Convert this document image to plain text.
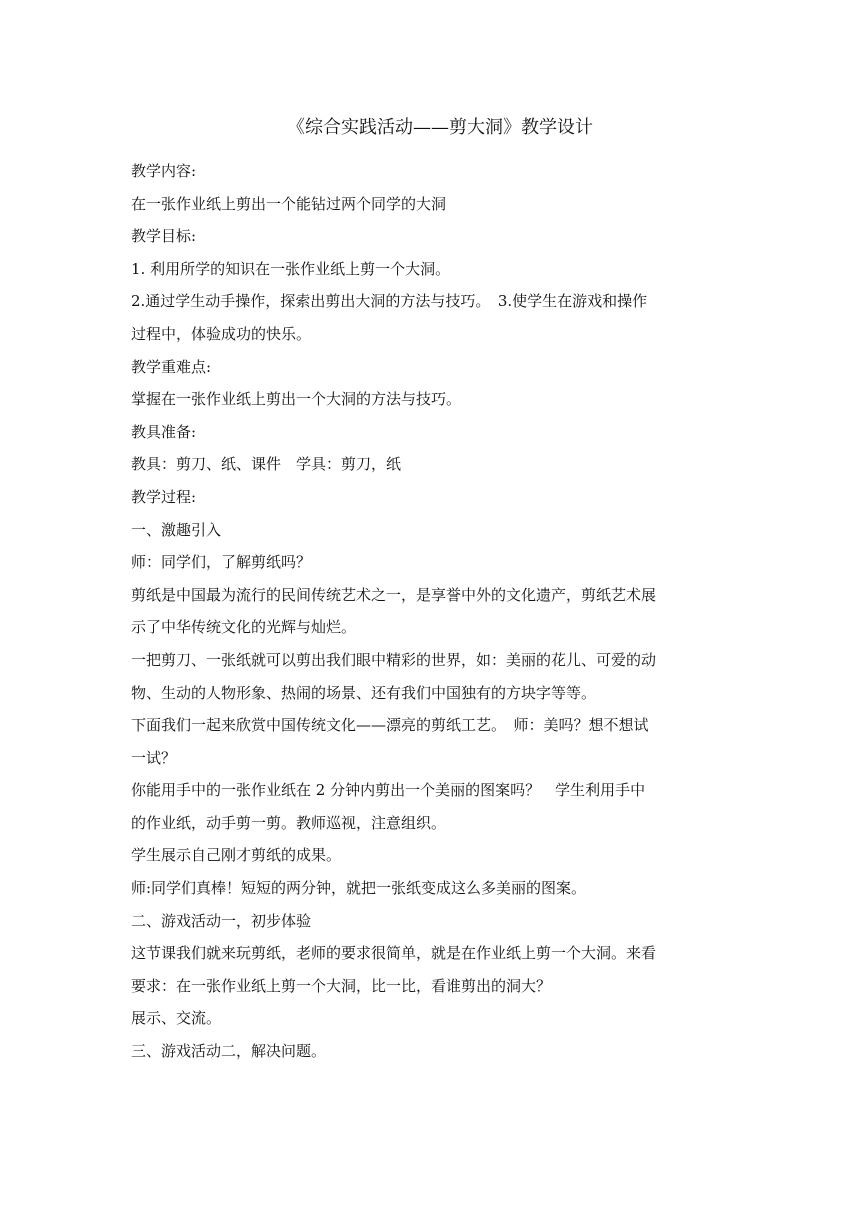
《综合实践活动——剪大洞》教学设计
教学内容:
在一张作业纸上剪出一个能钻过两个同学的大洞
教学目标:
1. 利用所学的知识在一张作业纸上剪一个大洞。
2.通过学生动手操作，探索出剪出大洞的方法与技巧。　3.使学生在游戏和操作
过程中，体验成功的快乐。
教学重难点:
掌握在一张作业纸上剪出一个大洞的方法与技巧。
教具准备:
教具：剪刀、纸、课件　学具：剪刀，纸
教学过程:
一、激趣引入
师：同学们，了解剪纸吗？
剪纸是中国最为流行的民间传统艺术之一，是享誉中外的文化遗产，剪纸艺术展
示了中华传统文化的光辉与灿烂。
一把剪刀、一张纸就可以剪出我们眼中精彩的世界，如：美丽的花儿、可爱的动
物、生动的人物形象、热闹的场景、还有我们中国独有的方块字等等。
下面我们一起来欣赏中国传统文化——漂亮的剪纸工艺。　师：美吗？想不想试
一试？
你能用手中的一张作业纸在 2 分钟内剪出一个美丽的图案吗？　学生利用手中
的作业纸，动手剪一剪。教师巡视，注意组织。
学生展示自己刚才剪纸的成果。
师:同学们真棒！短短的两分钟，就把一张纸变成这么多美丽的图案。
二、游戏活动一，初步体验
这节课我们就来玩剪纸，老师的要求很简单，就是在作业纸上剪一个大洞。来看
要求：在一张作业纸上剪一个大洞，比一比，看谁剪出的洞大？
展示、交流。
三、游戏活动二，解决问题。
